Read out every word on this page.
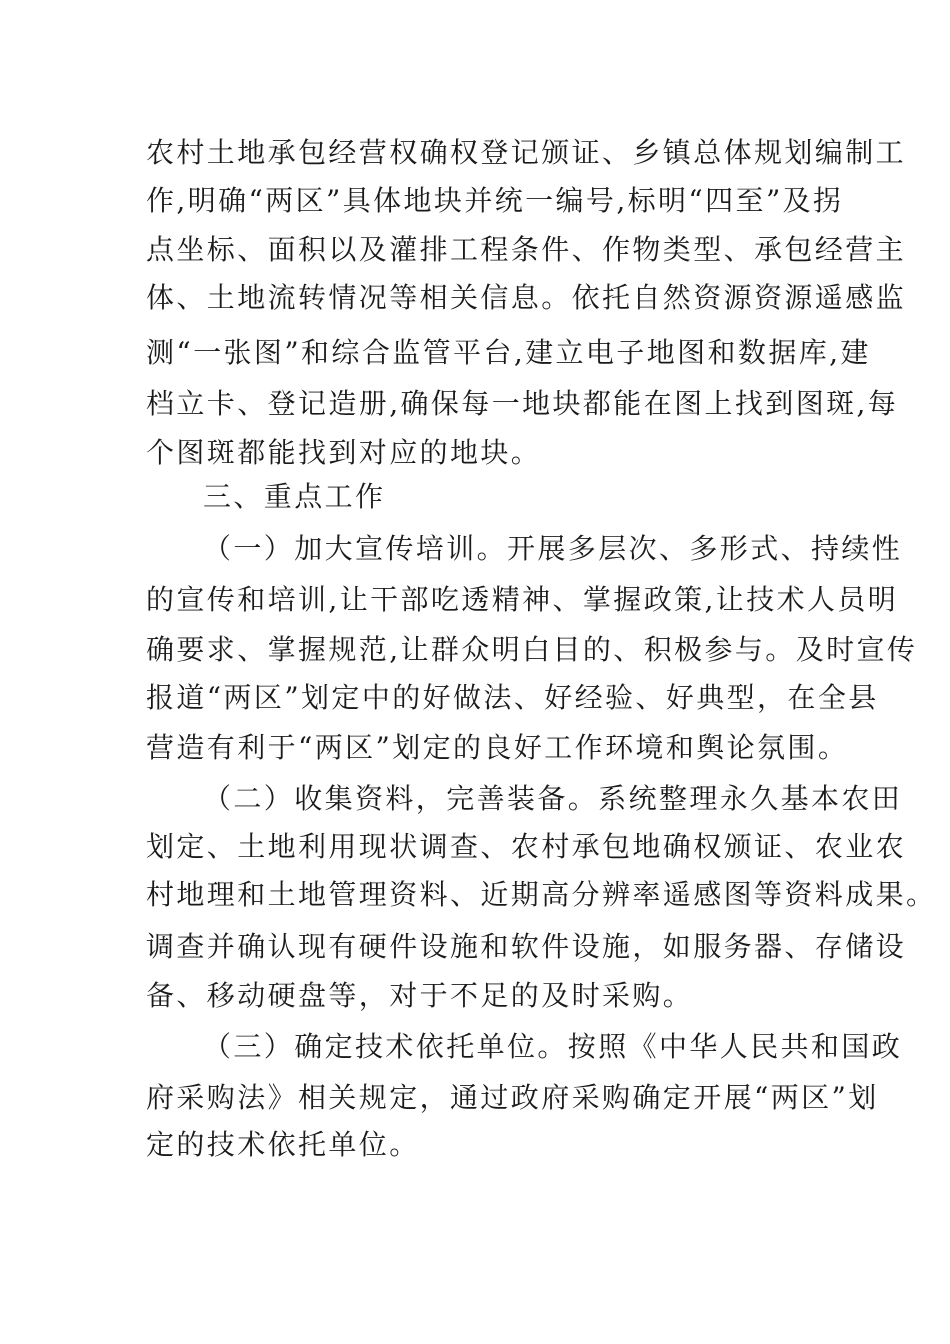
农村土地承包经营权确权登记颁证、乡镇总体规划编制工
作,明确“两区”具体地块并统一编号,标明“四至”及拐
点坐标、面积以及灌排工程条件、作物类型、承包经营主
体、土地流转情况等相关信息。依托自然资源资源遥感监
测“一张图”和综合监管平台,建立电子地图和数据库,建
档立卡、登记造册,确保每一地块都能在图上找到图斑,每
个图斑都能找到对应的地块。
三、重点工作
（一）加大宣传培训。开展多层次、多形式、持续性
的宣传和培训,让干部吃透精神、掌握政策,让技术人员明
确要求、掌握规范,让群众明白目的、积极参与。及时宣传
报道“两区”划定中的好做法、好经验、好典型，在全县
营造有利于“两区”划定的良好工作环境和舆论氛围。
（二）收集资料，完善装备。系统整理永久基本农田
划定、土地利用现状调查、农村承包地确权颁证、农业农
村地理和土地管理资料、近期高分辨率遥感图等资料成果。
调查并确认现有硬件设施和软件设施，如服务器、存储设
备、移动硬盘等，对于不足的及时采购。
（三）确定技术依托单位。按照《中华人民共和国政
府采购法》相关规定，通过政府采购确定开展“两区”划
定的技术依托单位。
